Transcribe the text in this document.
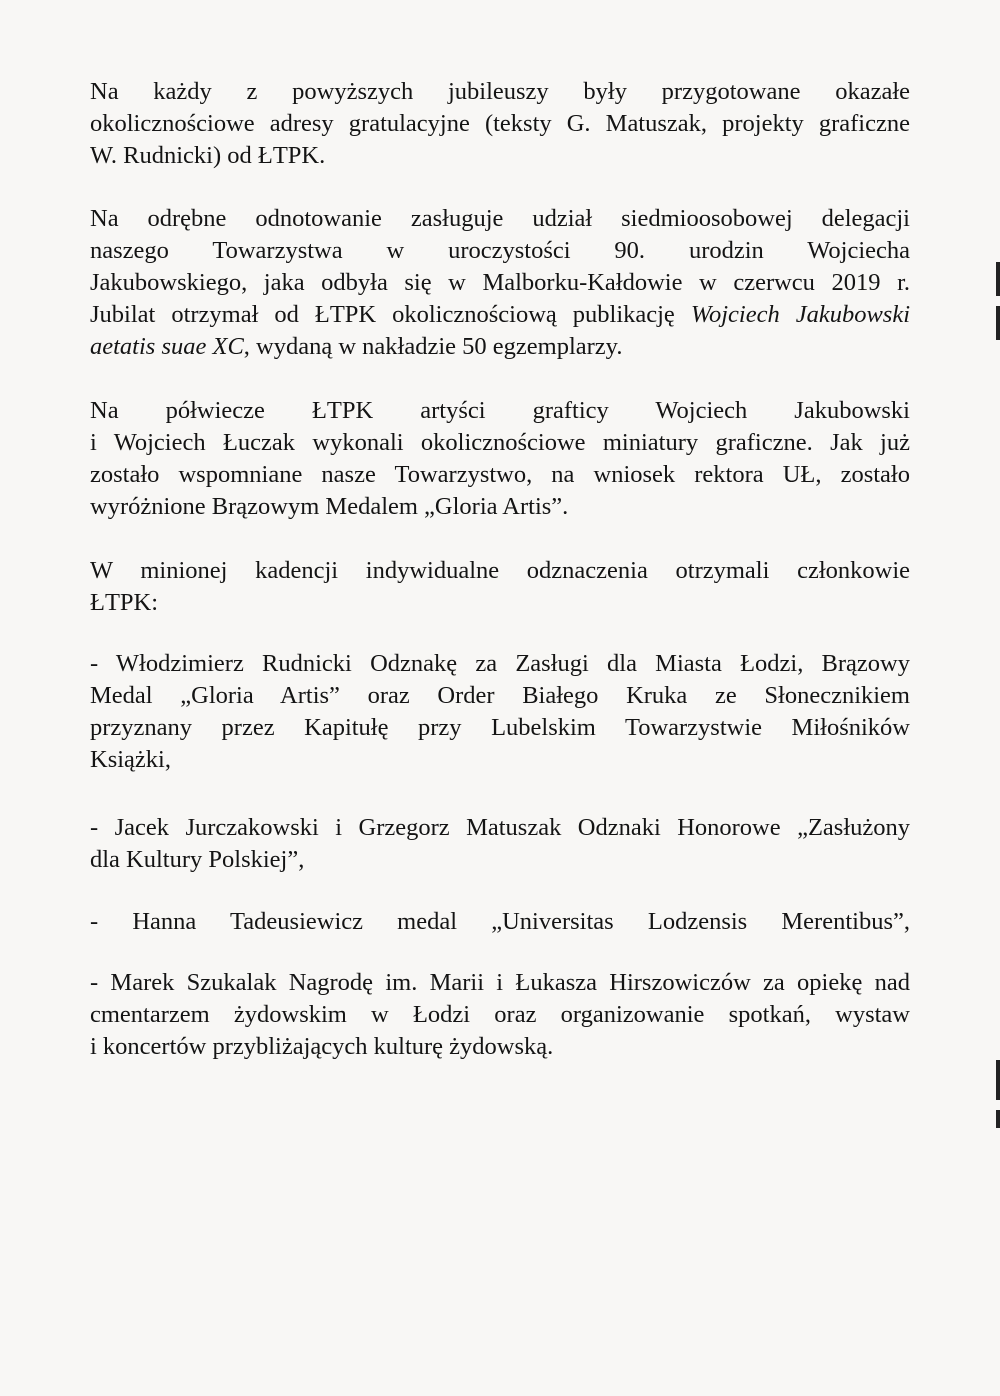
Na każdy z powyższych jubileuszy były przygotowane okazałe
okolicznościowe adresy gratulacyjne (teksty G. Matuszak, projekty graficzne
W. Rudnicki) od ŁTPK.
Na odrębne odnotowanie zasługuje udział siedmioosobowej delegacji
naszego Towarzystwa w uroczystości 90. urodzin Wojciecha
Jakubowskiego, jaka odbyła się w Malborku-Kałdowie w czerwcu 2019 r.
Jubilat otrzymał od ŁTPK okolicznościową publikację Wojciech Jakubowski
aetatis suae XC, wydaną w nakładzie 50 egzemplarzy.
Na półwiecze ŁTPK artyści grafticy Wojciech Jakubowski
i Wojciech Łuczak wykonali okolicznościowe miniatury graficzne. Jak już
zostało wspomniane nasze Towarzystwo, na wniosek rektora UŁ, zostało
wyróżnione Brązowym Medalem „Gloria Artis”.
W minionej kadencji indywidualne odznaczenia otrzymali członkowie
ŁTPK:
- Włodzimierz Rudnicki Odznakę za Zasługi dla Miasta Łodzi, Brązowy
Medal „Gloria Artis” oraz Order Białego Kruka ze Słonecznikiem
przyznany przez Kapitułę przy Lubelskim Towarzystwie Miłośników
Książki,
- Jacek Jurczakowski i Grzegorz Matuszak Odznaki Honorowe „Zasłużony
dla Kultury Polskiej”,
- Hanna Tadeusiewicz medal „Universitas Lodzensis Merentibus”,
- Marek Szukalak Nagrodę im. Marii i Łukasza Hirszowiczów za opiekę nad
cmentarzem żydowskim w Łodzi oraz organizowanie spotkań, wystaw
i koncertów przybliżających kulturę żydowską.
